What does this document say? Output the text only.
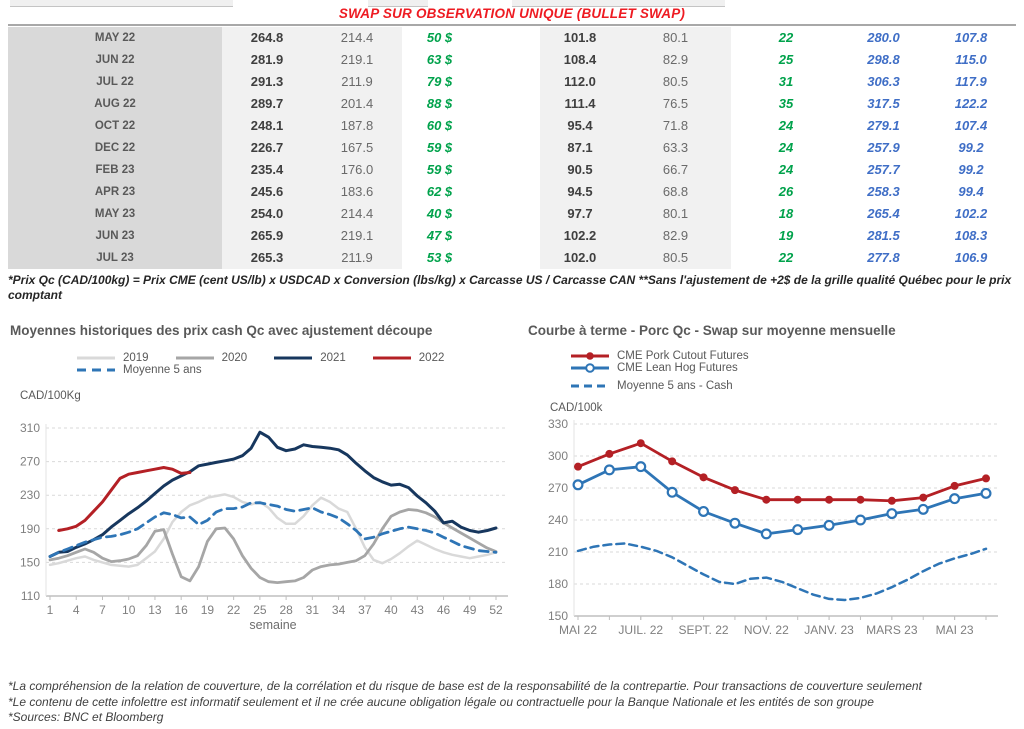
SWAP SUR OBSERVATION UNIQUE (BULLET SWAP)
MAY 22	264.8	214.4	50 $	101.8	80.1	22	280.0	107.8
JUN 22	281.9	219.1	63 $	108.4	82.9	25	298.8	115.0
JUL 22	291.3	211.9	79 $	112.0	80.5	31	306.3	117.9
AUG 22	289.7	201.4	88 $	111.4	76.5	35	317.5	122.2
OCT 22	248.1	187.8	60 $	95.4	71.8	24	279.1	107.4
DEC 22	226.7	167.5	59 $	87.1	63.3	24	257.9	99.2
FEB 23	235.4	176.0	59 $	90.5	66.7	24	257.7	99.2
APR 23	245.6	183.6	62 $	94.5	68.8	26	258.3	99.4
MAY 23	254.0	214.4	40 $	97.7	80.1	18	265.4	102.2
JUN 23	265.9	219.1	47 $	102.2	82.9	19	281.5	108.3
JUL 23	265.3	211.9	53 $	102.0	80.5	22	277.8	106.9
*Prix Qc (CAD/100kg) = Prix CME (cent US/lb) x USDCAD x Conversion (lbs/kg) x Carcasse US / Carcasse CAN **Sans l'ajustement de +2$ de la grille qualité Québec pour le prix comptant
Moyennes historiques des prix cash Qc avec ajustement découpe
2019	2020	2021	2022
Moyenne 5 ans
CAD/100Kg
110
150
190
230
270
310
1 4 7 10 13 16 19 22 25 28 31 34 37 40 43 46 49 52
semaine
Courbe à terme - Porc Qc - Swap sur moyenne mensuelle
CME Pork Cutout Futures
CME Lean Hog Futures
Moyenne 5 ans - Cash
CAD/100k
150
180
210
240
270
300
330
MAI 22 JUIL. 22 SEPT. 22 NOV. 22 JANV. 23 MARS 23 MAI 23
*La compréhension de la relation de couverture, de la corrélation et du risque de base est de la responsabilité de la contrepartie. Pour transactions de couverture seulement
*Le contenu de cette infolettre est informatif seulement et il ne crée aucune obligation légale ou contractuelle pour la Banque Nationale et les entités de son groupe
*Sources: BNC et Bloomberg
